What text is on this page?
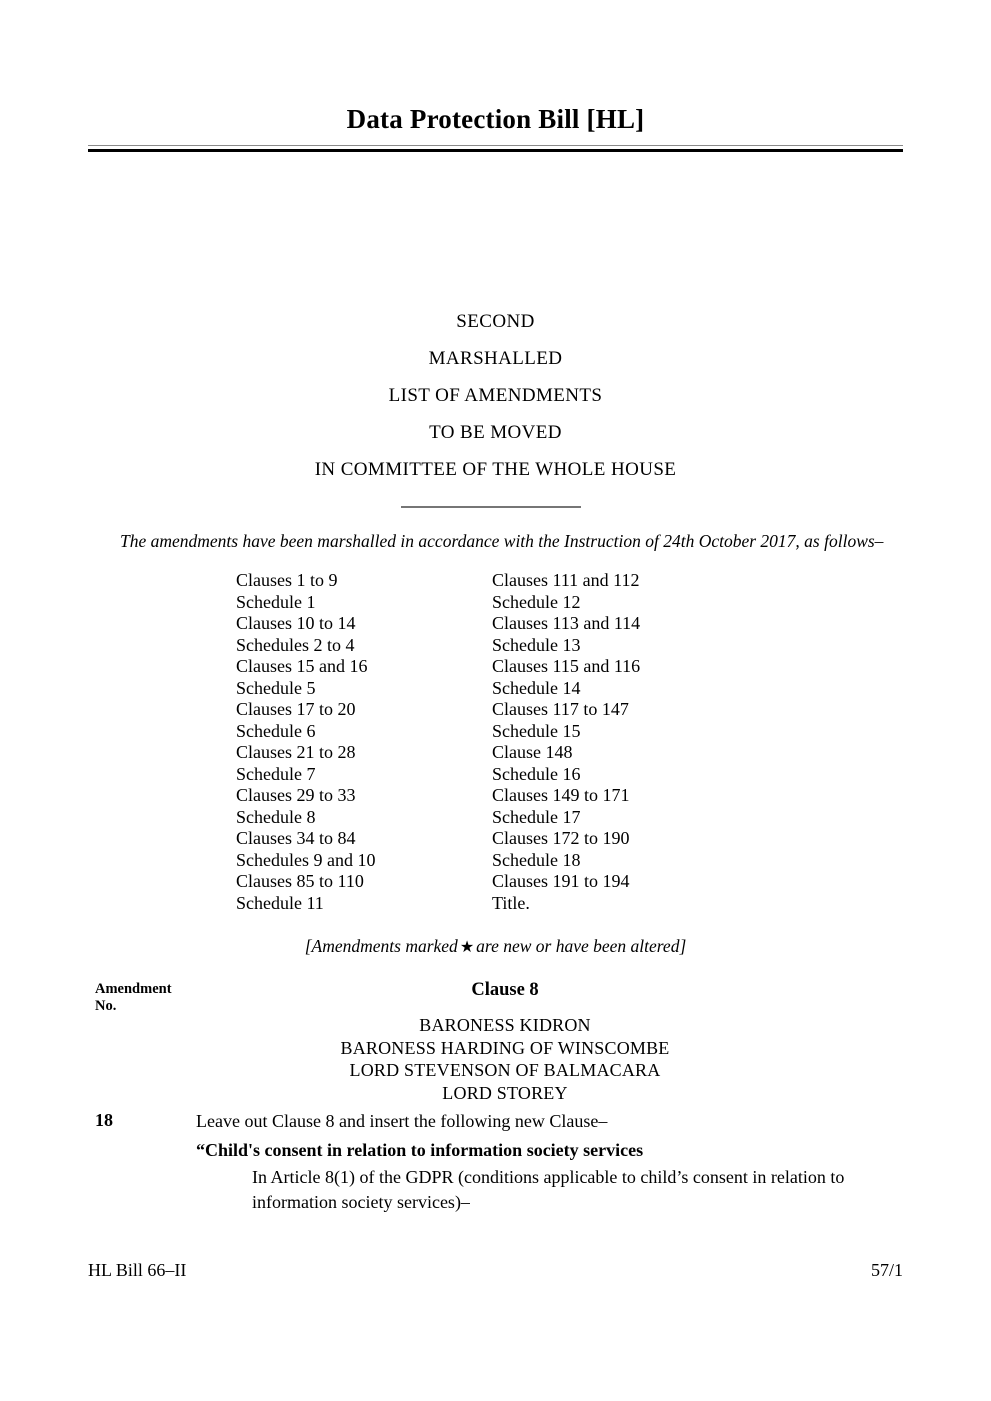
Data Protection Bill [HL]
SECOND
MARSHALLED
LIST OF AMENDMENTS
TO BE MOVED
IN COMMITTEE OF THE WHOLE HOUSE
The amendments have been marshalled in accordance with the Instruction of 24th October 2017, as follows–
Clauses 1 to 9
Schedule 1
Clauses 10 to 14
Schedules 2 to 4
Clauses 15 and 16
Schedule 5
Clauses 17 to 20
Schedule 6
Clauses 21 to 28
Schedule 7
Clauses 29 to 33
Schedule 8
Clauses 34 to 84
Schedules 9 and 10
Clauses 85 to 110
Schedule 11
Clauses 111 and 112
Schedule 12
Clauses 113 and 114
Schedule 13
Clauses 115 and 116
Schedule 14
Clauses 117 to 147
Schedule 15
Clause 148
Schedule 16
Clauses 149 to 171
Schedule 17
Clauses 172 to 190
Schedule 18
Clauses 191 to 194
Title.
[Amendments marked ★ are new or have been altered]
Amendment
No.
Clause 8
BARONESS KIDRON
BARONESS HARDING OF WINSCOMBE
LORD STEVENSON OF BALMACARA
LORD STOREY
18	Leave out Clause 8 and insert the following new Clause–
“Child's consent in relation to information society services
In Article 8(1) of the GDPR (conditions applicable to child’s consent in relation to information society services)–
HL Bill 66–II	57/1
